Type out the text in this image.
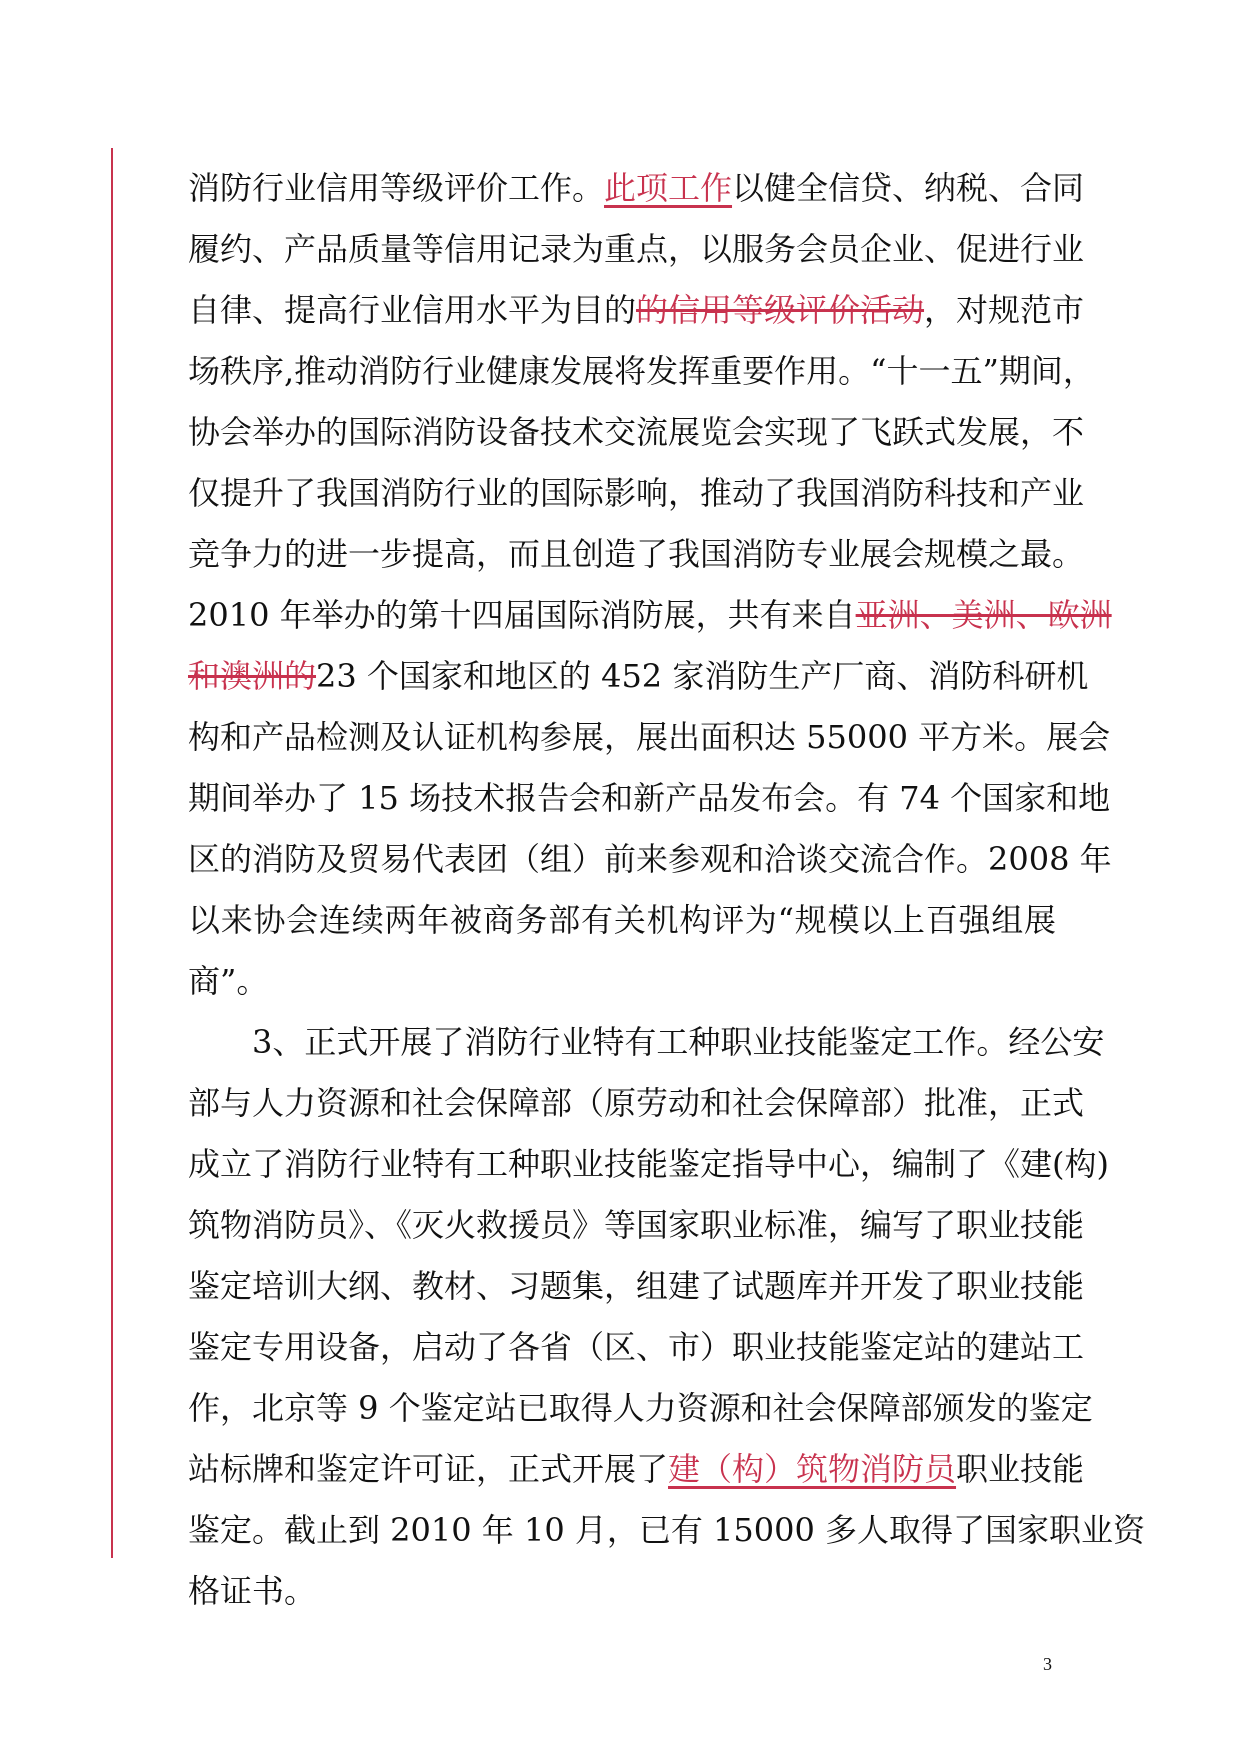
消防行业信用等级评价工作。此项工作以健全信贷、纳税、合同
履约、产品质量等信用记录为重点，以服务会员企业、促进行业
自律、提高行业信用水平为目的的信用等级评价活动，对规范市
场秩序,推动消防行业健康发展将发挥重要作用。“十一五”期间，
协会举办的国际消防设备技术交流展览会实现了飞跃式发展，不
仅提升了我国消防行业的国际影响，推动了我国消防科技和产业
竞争力的进一步提高，而且创造了我国消防专业展会规模之最。
2010 年举办的第十四届国际消防展，共有来自亚洲、美洲、欧洲
和澳洲的23 个国家和地区的 452 家消防生产厂商、消防科研机
构和产品检测及认证机构参展，展出面积达 55000 平方米。展会
期间举办了 15 场技术报告会和新产品发布会。有 74 个国家和地
区的消防及贸易代表团（组）前来参观和洽谈交流合作。2008 年
以来协会连续两年被商务部有关机构评为“规模以上百强组展
商”。
3、正式开展了消防行业特有工种职业技能鉴定工作。经公安
部与人力资源和社会保障部（原劳动和社会保障部）批准，正式
成立了消防行业特有工种职业技能鉴定指导中心，编制了《建(构)
筑物消防员》、《灭火救援员》等国家职业标准，编写了职业技能
鉴定培训大纲、教材、习题集，组建了试题库并开发了职业技能
鉴定专用设备，启动了各省（区、市）职业技能鉴定站的建站工
作，北京等 9 个鉴定站已取得人力资源和社会保障部颁发的鉴定
站标牌和鉴定许可证，正式开展了建（构）筑物消防员职业技能
鉴定。截止到 2010 年 10 月，已有 15000 多人取得了国家职业资
格证书。
3
